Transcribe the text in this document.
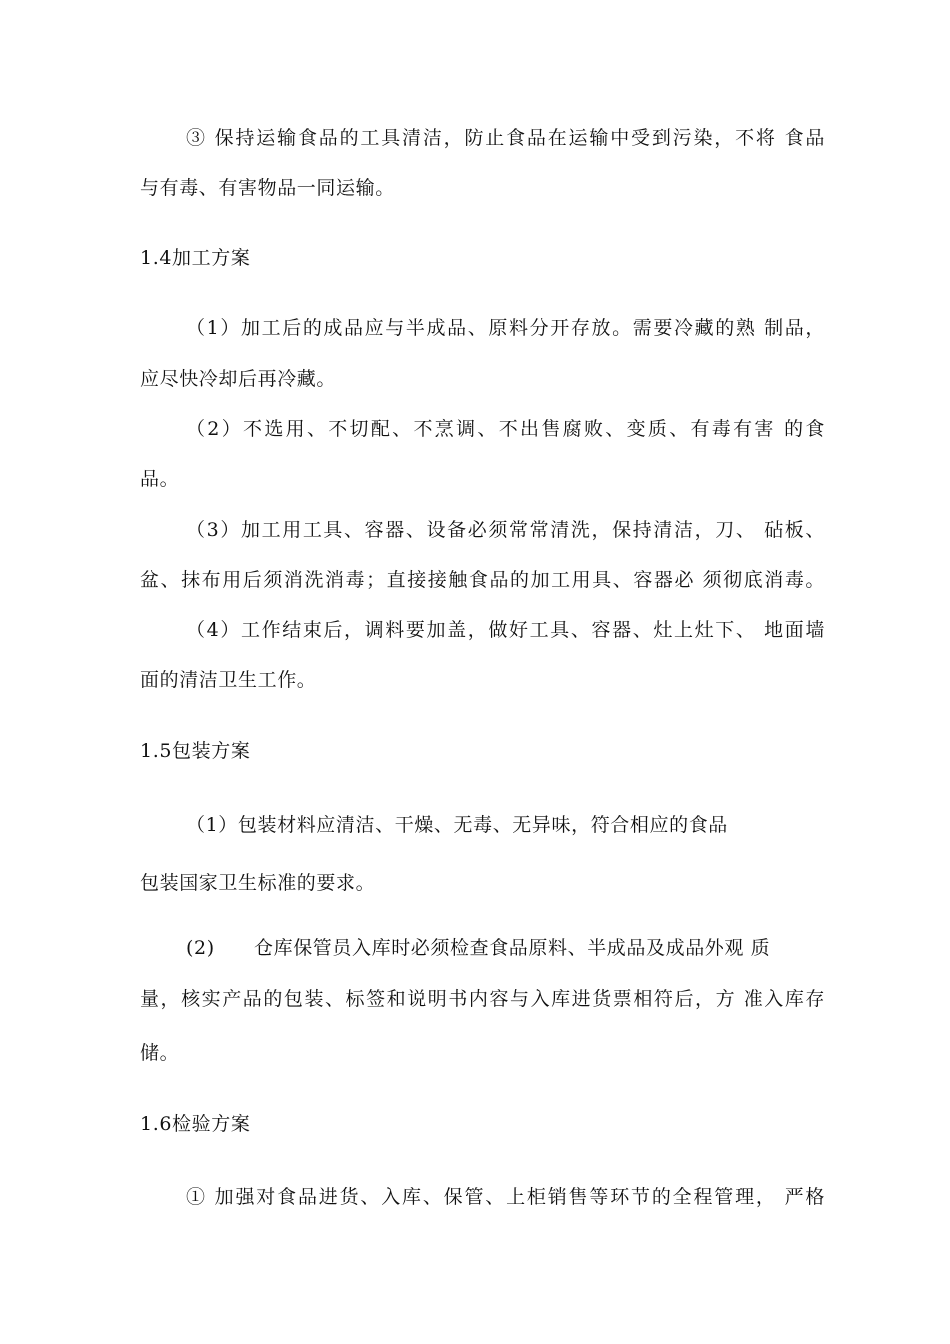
③ 保持运输食品的工具清洁，防止食品在运输中受到污染，不将 食品
与有毒、有害物品一同运输。
1.4加工方案
（1）加工后的成品应与半成品、原料分开存放。需要冷藏的熟 制品，
应尽快冷却后再冷藏。
（2）不选用、不切配、不烹调、不出售腐败、变质、有毒有害 的食
品。
（3）加工用工具、容器、设备必须常常清洗，保持清洁，刀、 砧板、
盆、抹布用后须消洗消毒；直接接触食品的加工用具、容器必 须彻底消毒。
（4）工作结束后，调料要加盖，做好工具、容器、灶上灶下、 地面墙
面的清洁卫生工作。
1.5包装方案
（1）包装材料应清洁、干燥、无毒、无异味，符合相应的食品
包装国家卫生标准的要求。
(2) 仓库保管员入库时必须检查食品原料、半成品及成品外观 质
量，核实产品的包装、标签和说明书内容与入库进货票相符后，方 准入库存
储。
1.6检验方案
① 加强对食品进货、入库、保管、上柜销售等环节的全程管理， 严格
